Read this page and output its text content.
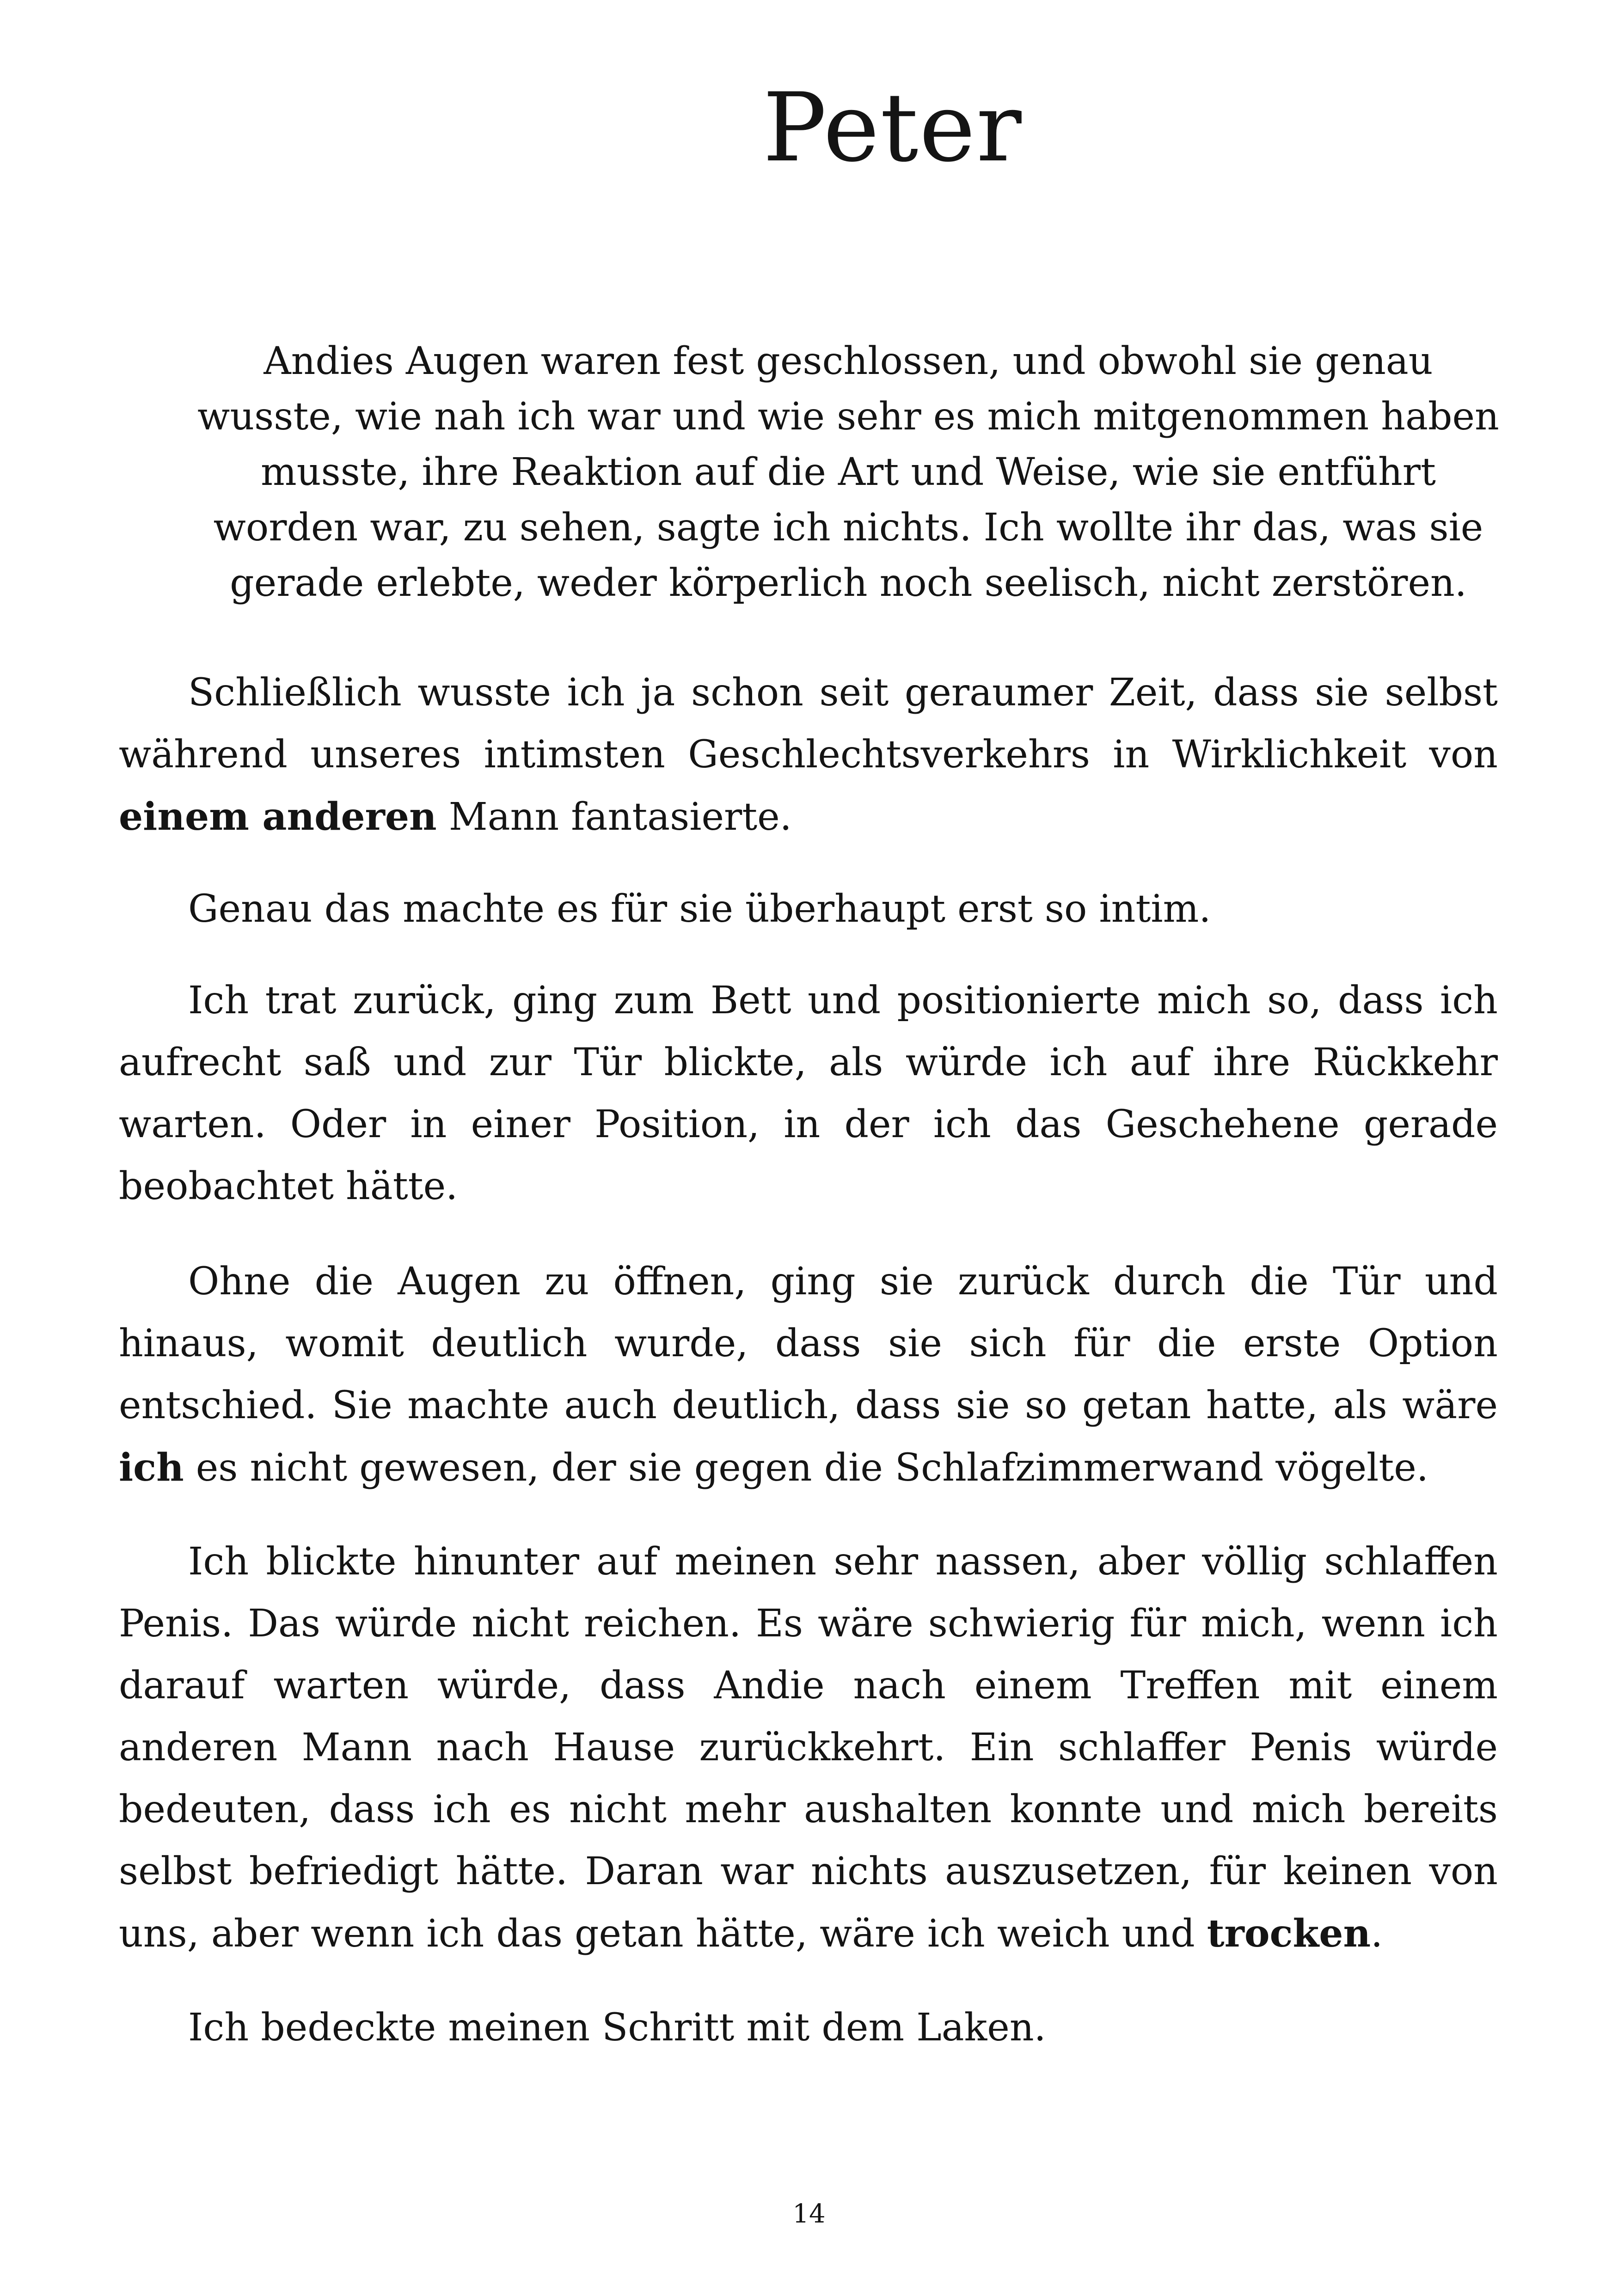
Peter

Andies Augen waren fest geschlossen, und obwohl sie genau wusste, wie nah ich war und wie sehr es mich mitgenommen haben musste, ihre Reaktion auf die Art und Weise, wie sie entführt worden war, zu sehen, sagte ich nichts. Ich wollte ihr das, was sie gerade erlebte, weder körperlich noch seelisch, nicht zerstören.

Schließlich wusste ich ja schon seit geraumer Zeit, dass sie selbst während unseres intimsten Geschlechtsverkehrs in Wirklichkeit von einem anderen Mann fantasierte.

Genau das machte es für sie überhaupt erst so intim.

Ich trat zurück, ging zum Bett und positionierte mich so, dass ich aufrecht saß und zur Tür blickte, als würde ich auf ihre Rückkehr warten. Oder in einer Position, in der ich das Geschehene gerade beobachtet hätte.

Ohne die Augen zu öffnen, ging sie zurück durch die Tür und hinaus, womit deutlich wurde, dass sie sich für die erste Option entschied. Sie machte auch deutlich, dass sie so getan hatte, als wäre ich es nicht gewesen, der sie gegen die Schlafzimmerwand vögelte.

Ich blickte hinunter auf meinen sehr nassen, aber völlig schlaffen Penis. Das würde nicht reichen. Es wäre schwierig für mich, wenn ich darauf warten würde, dass Andie nach einem Treffen mit einem anderen Mann nach Hause zurückkehrt. Ein schlaffer Penis würde bedeuten, dass ich es nicht mehr aushalten konnte und mich bereits selbst befriedigt hätte. Daran war nichts auszusetzen, für keinen von uns, aber wenn ich das getan hätte, wäre ich weich und trocken.

Ich bedeckte meinen Schritt mit dem Laken.

14
